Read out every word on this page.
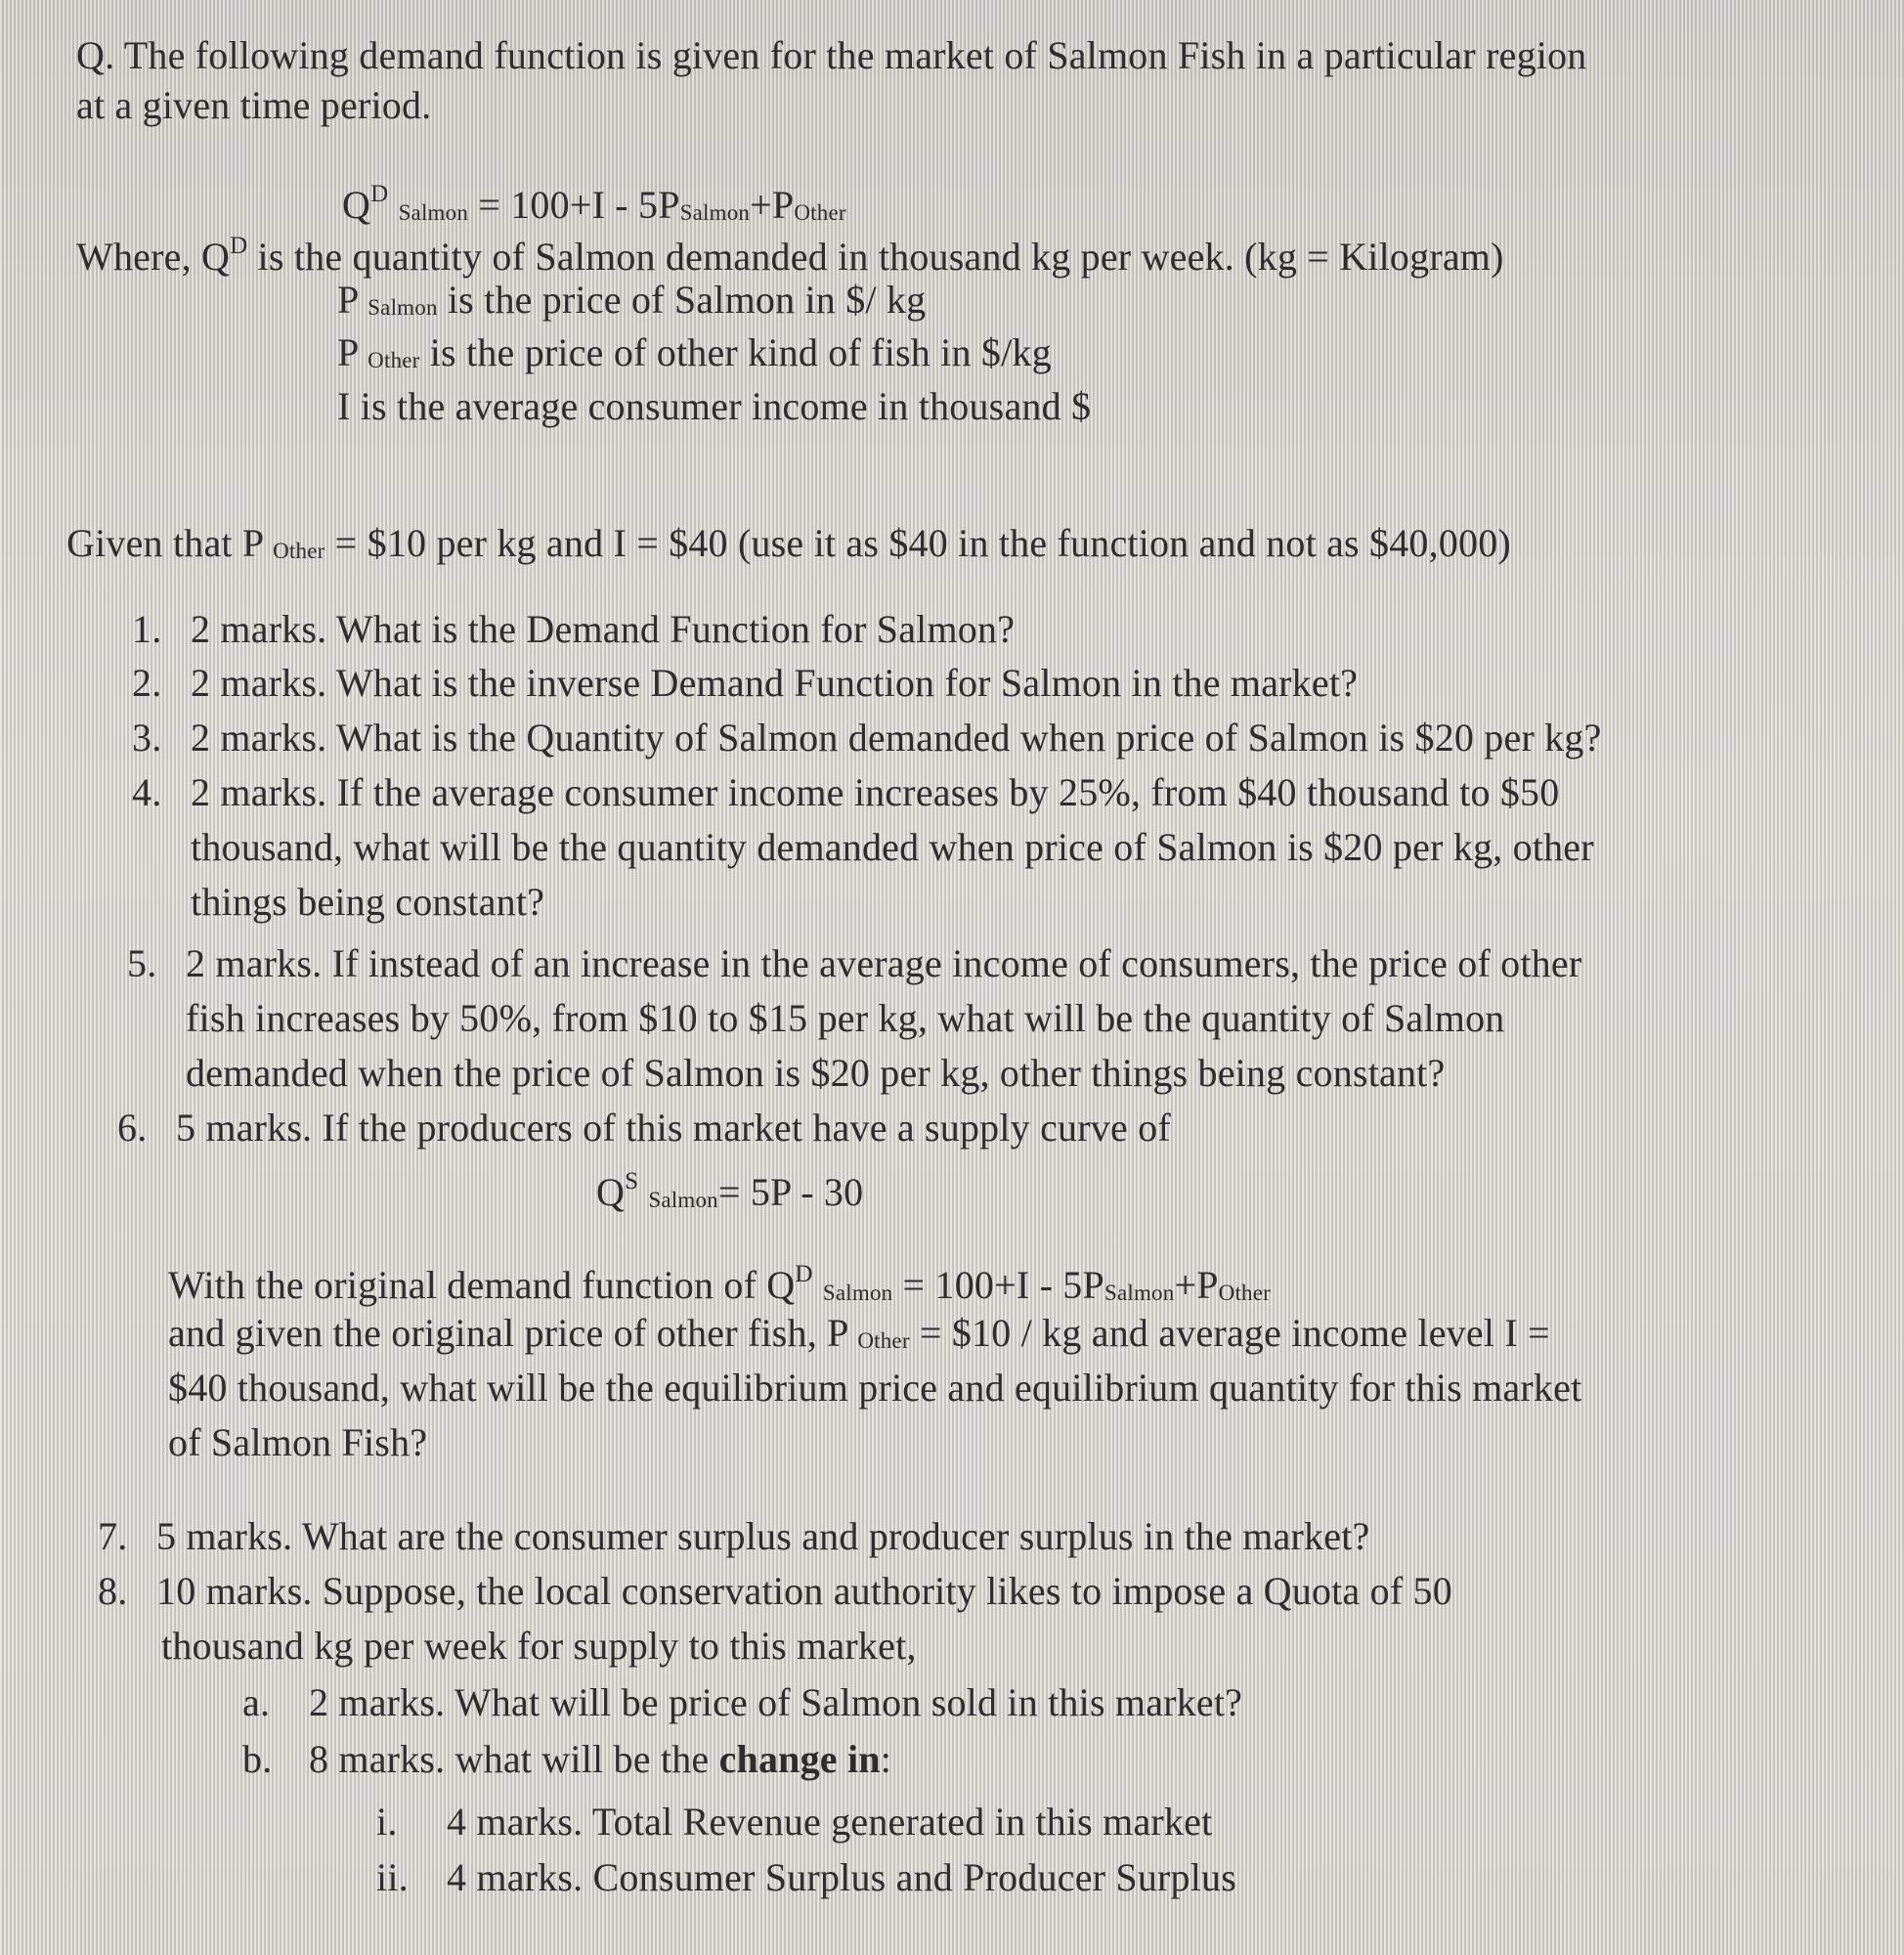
Q. The following demand function is given for the market of Salmon Fish in a particular region
at a given time period.
$Q^D$ Salmon = 100+I - 5PSalmon+POther
Where, $Q^D$ is the quantity of Salmon demanded in thousand kg per week. (kg = Kilogram)
P Salmon is the price of Salmon in $/ kg
P Other is the price of other kind of fish in $/kg
I is the average consumer income in thousand $
Given that P Other = $10 per kg and I = $40 (use it as $40 in the function and not as $40,000)
1. 2 marks. What is the Demand Function for Salmon?
2. 2 marks. What is the inverse Demand Function for Salmon in the market?
3. 2 marks. What is the Quantity of Salmon demanded when price of Salmon is $20 per kg?
4. 2 marks. If the average consumer income increases by 25%, from $40 thousand to $50
thousand, what will be the quantity demanded when price of Salmon is $20 per kg, other
things being constant?
5. 2 marks. If instead of an increase in the average income of consumers, the price of other
fish increases by 50%, from $10 to $15 per kg, what will be the quantity of Salmon
demanded when the price of Salmon is $20 per kg, other things being constant?
6. 5 marks. If the producers of this market have a supply curve of
$Q^S$ Salmon= 5P - 30
With the original demand function of $Q^D$ Salmon = 100+I - 5PSalmon+POther
and given the original price of other fish, P Other = $10 / kg and average income level I =
$40 thousand, what will be the equilibrium price and equilibrium quantity for this market
of Salmon Fish?
7. 5 marks. What are the consumer surplus and producer surplus in the market?
8. 10 marks. Suppose, the local conservation authority likes to impose a Quota of 50
thousand kg per week for supply to this market,
a. 2 marks. What will be price of Salmon sold in this market?
b. 8 marks. what will be the change in:
i. 4 marks. Total Revenue generated in this market
ii. 4 marks. Consumer Surplus and Producer Surplus
